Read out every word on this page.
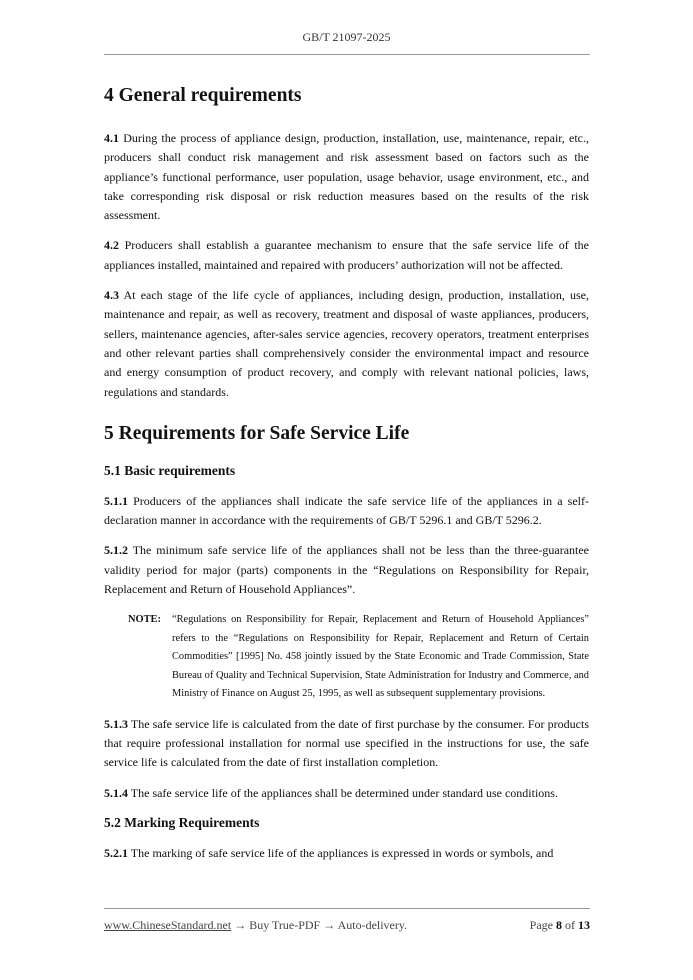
GB/T 21097-2025
4 General requirements

4.1 During the process of appliance design, production, installation, use, maintenance, repair, etc., producers shall conduct risk management and risk assessment based on factors such as the appliance’s functional performance, user population, usage behavior, usage environment, etc., and take corresponding risk disposal or risk reduction measures based on the results of the risk assessment.

4.2 Producers shall establish a guarantee mechanism to ensure that the safe service life of the appliances installed, maintained and repaired with producers’ authorization will not be affected.

4.3 At each stage of the life cycle of appliances, including design, production, installation, use, maintenance and repair, as well as recovery, treatment and disposal of waste appliances, producers, sellers, maintenance agencies, after-sales service agencies, recovery operators, treatment enterprises and other relevant parties shall comprehensively consider the environmental impact and resource and energy consumption of product recovery, and comply with relevant national policies, laws, regulations and standards.

5 Requirements for Safe Service Life
5.1 Basic requirements

5.1.1 Producers of the appliances shall indicate the safe service life of the appliances in a self-declaration manner in accordance with the requirements of GB/T 5296.1 and GB/T 5296.2.

5.1.2 The minimum safe service life of the appliances shall not be less than the three-guarantee validity period for major (parts) components in the “Regulations on Responsibility for Repair, Replacement and Return of Household Appliances”.

NOTE:	“Regulations on Responsibility for Repair, Replacement and Return of Household Appliances” refers to the “Regulations on Responsibility for Repair, Replacement and Return of Certain Commodities” [1995] No. 458 jointly issued by the State Economic and Trade Commission, State Bureau of Quality and Technical Supervision, State Administration for Industry and Commerce, and Ministry of Finance on August 25, 1995, as well as subsequent supplementary provisions.

5.1.3 The safe service life is calculated from the date of first purchase by the consumer. For products that require professional installation for normal use specified in the instructions for use, the safe service life is calculated from the date of first installation completion.

5.1.4 The safe service life of the appliances shall be determined under standard use conditions.

5.2 Marking Requirements

5.2.1 The marking of safe service life of the appliances is expressed in words or symbols, and

www.ChineseStandard.net → Buy True-PDF → Auto-delivery.	Page 8 of 13
